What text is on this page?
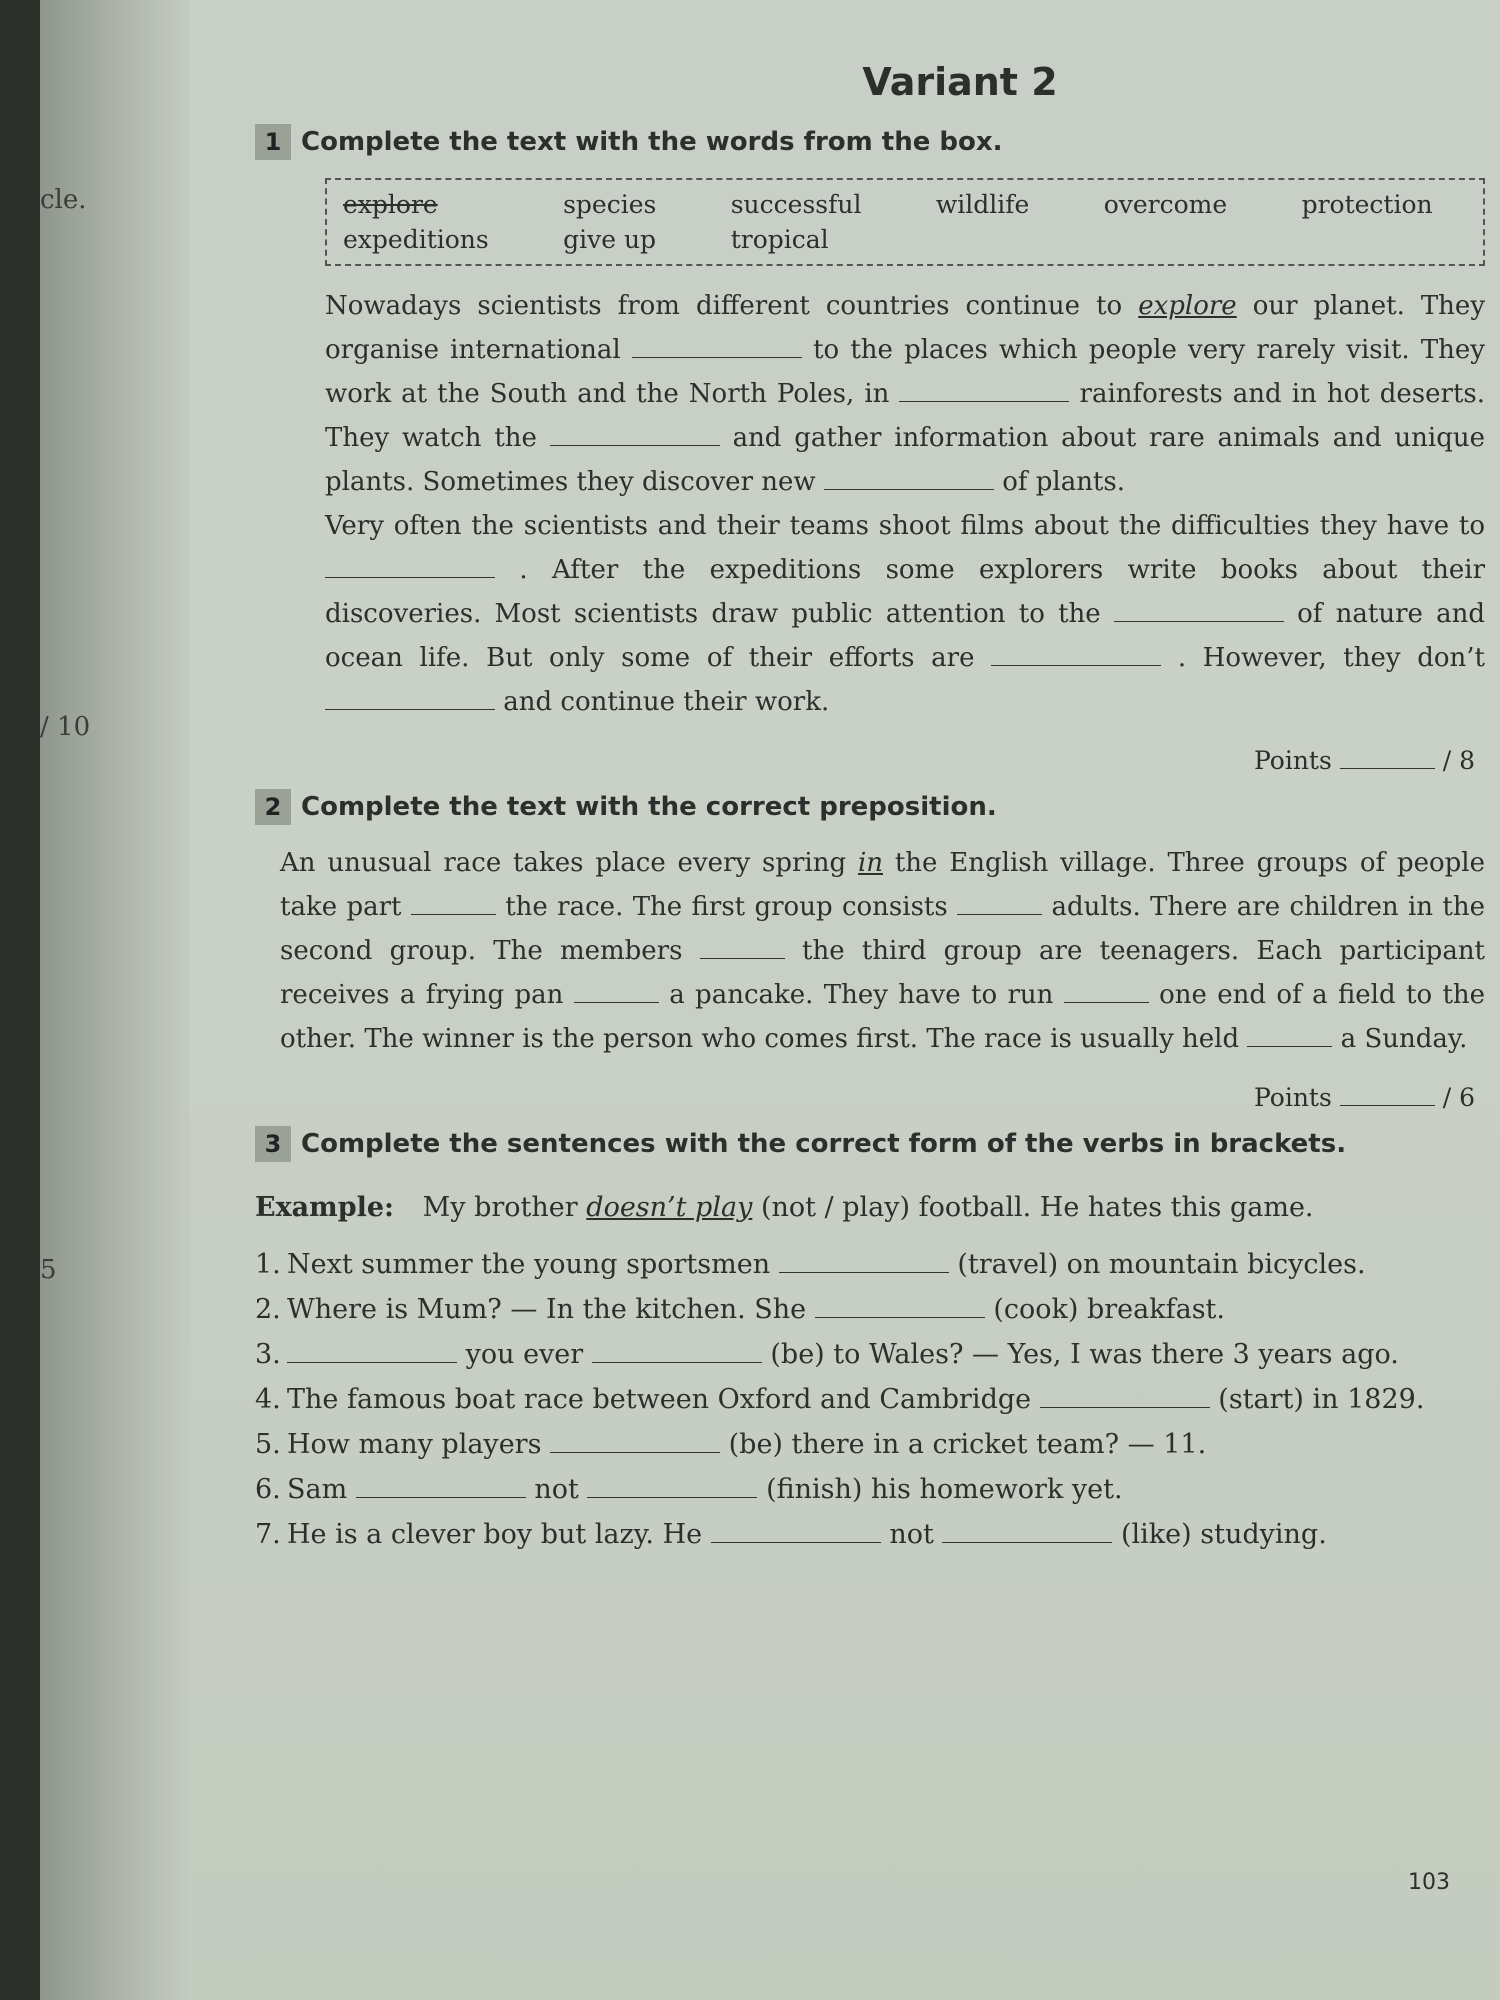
cle.
/ 10
5
Variant 2
1 Complete the text with the words from the box.
explore	species	successful	wildlife	overcome	protection
expeditions	give up	tropical
Nowadays scientists from different countries continue to explore our planet. They organise international	to the places which people very rarely visit. They work at the South and the North Poles, in	rainforests and in hot deserts. They watch the	and gather information about rare animals and unique plants. Sometimes they discover new	of plants.
Very often the scientists and their teams shoot films about the difficulties they have to  . After the expeditions some explorers write books about their discoveries. Most scientists draw public attention to the	of nature and ocean life. But only some of their efforts are	. However, they don’t  and continue their work.
Points	/ 8
2 Complete the text with the correct preposition.
An unusual race takes place every spring in the English village. Three groups of people take part	the race. The first group consists	adults. There are children in the second group. The members	the third group are teenagers. Each participant receives a frying pan	a pancake. They have to run	one end of a field to the other. The winner is the person who comes first. The race is usually held	a Sunday.
Points	/ 6
3 Complete the sentences with the correct form of the verbs in brackets.
Example: My brother doesn’t play (not / play) football. He hates this game.
1. Next summer the young sportsmen	(travel) on mountain bicycles.
2. Where is Mum? — In the kitchen. She	(cook) breakfast.
3.	you ever	(be) to Wales? — Yes, I was there 3 years ago.
4. The famous boat race between Oxford and Cambridge	(start) in 1829.
5. How many players	(be) there in a cricket team? — 11.
6. Sam	not	(finish) his homework yet.
7. He is a clever boy but lazy. He	not	(like) studying.
103
